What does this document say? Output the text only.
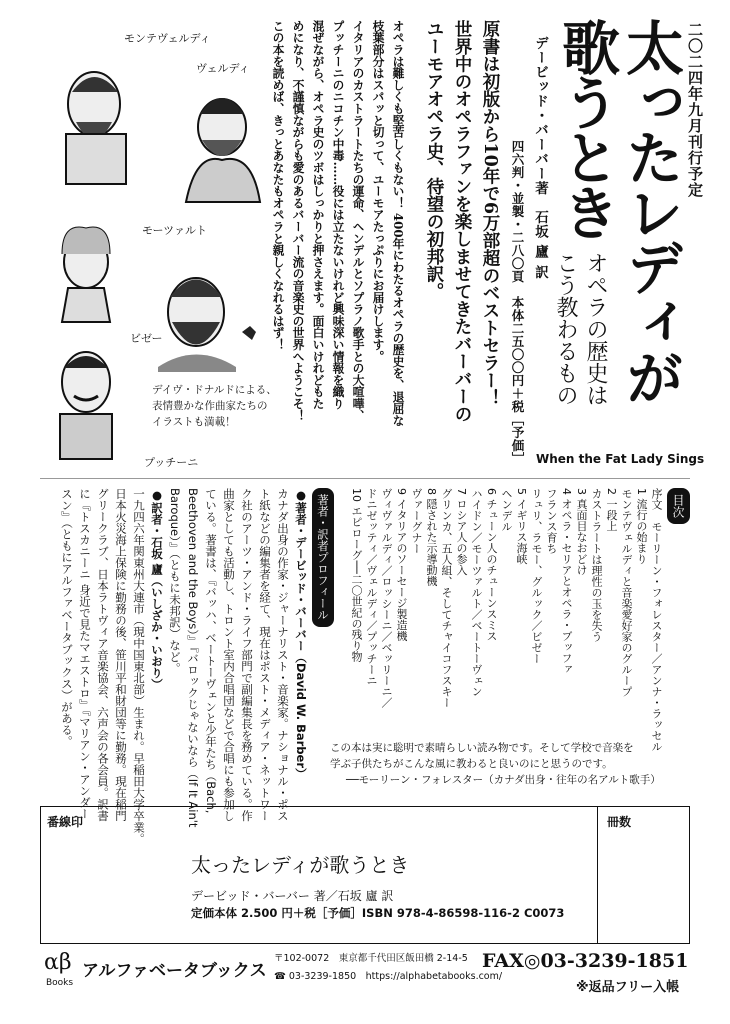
モンテヴェルディ
ヴェルディ
モーツァルト
ビゼー
プッチーニ
デイヴ・ドナルドによる、
表情豊かな作曲家たちの
イラストも満載！
二〇二四年九月刊行予定
太ったレディが
歌うとき
オペラの歴史は
こう教わるもの
When the Fat Lady Sings
デービッド・バーバー著　石坂 廬 訳
四六判・並製・二八〇頁　本体二五〇〇円＋税［予価］
原書は初版から10年で6万部超のベストセラー！
世界中のオペラファンを楽しませてきたバーバーの
ユーモアオペラ史、待望の初邦訳。
オペラは難しくも堅苦しくもない！ 400年にわたるオペラの歴史を、退屈な
枝葉部分はスパッと切って、ユーモアたっぷりにお届けします。
イタリアのカストラートたちの運命、ヘンデルとソプラノ歌手との大喧嘩、
プッチーニのニコチン中毒……役には立たないけれど興味深い情報を織り
混ぜながら、オペラ史のツボはしっかりと押さえます。面白いけれどもた
めになり、不謹慎ながらも愛のあるバーバー流の音楽史の世界へようこそ！
この本を読めば、きっとあなたもオペラと親しくなれるはず！
目次
序文　モーリーン・フォレスター／アンナ・ラッセル
1 流行の始まり
モンテヴェルディと音楽愛好家のグループ
2 一段上
カストラートは理性の玉を失う
3 真面目なおどけ
4 オペラ・セリアとオペラ・ブッファ
フランス育ち
リュリ、ラモー、グルック／ビゼー
5 イギリス海峡
ヘンデル
6 チューン人のチューンスミス
ハイドン／モーツァルト／ベートーヴェン
7 ロシア人の参入
グリンカ、五人組、そしてチャイコフスキー
8 隠された示導動機
ヴァーグナー
9 イタリアのソーセージ製造機
ヴィヴァルディ／ロッシーニ／ベッリーニ／
ドニゼッティ／ヴェルディ／プッチーニ
10 エピローグ──二〇世紀の残り物
著者・訳者プロフィール
●著者・デービッド・バーバー（David W. Barber）
カナダ出身の作家・ジャーナリスト・音楽家。ナショナル・ポス
ト紙などの編集者を経て、現在はポスト・メディア・ネットワー
ク社のアーツ・アンド・ライフ部門で副編集長を務めている。作
曲家としても活動し、トロント室内合唱団などで合唱にも参加し
ている。著書は、『バッハ、ベートーヴェンと少年たち（Bach,
Beethoven and the Boys）』『バロックじゃないなら（If It Ain't
Baroque）』（ともに未邦訳）など。
●訳者・石坂 廬（いしざか・いおり）
一九四六年関東州大連市（現中国東北部）生まれ。早稲田大学卒業。
日本火災海上保険に勤務の後、笹川平和財団等に勤務。現在稲門
グリークラブ、日本ラトヴィア音楽協会、六声会の各会員。訳書
に『トスカニーニ 身近で見たマエストロ』『マリアン・アンダー
スン』（ともにアルファベータブックス）がある。
この本は実に聡明で素晴らしい読み物です。そして学校で音楽を
学ぶ子供たちがこんな風に教わると良いのにと思うのです。
──モーリーン・フォレスター（カナダ出身・往年の名アルト歌手）
番線印
太ったレディが歌うとき
デービッド・バーバー 著／石坂 廬 訳
定価本体 2.500 円＋税［予価］ISBN 978-4-86598-116-2 C0073
冊数
αβ
Books
アルファベータブックス
〒102-0072　東京都千代田区飯田橋 2-14-5
☎ 03-3239-1850　https://alphabetabooks.com/
FAX◎03-3239-1851
※返品フリー入帳
